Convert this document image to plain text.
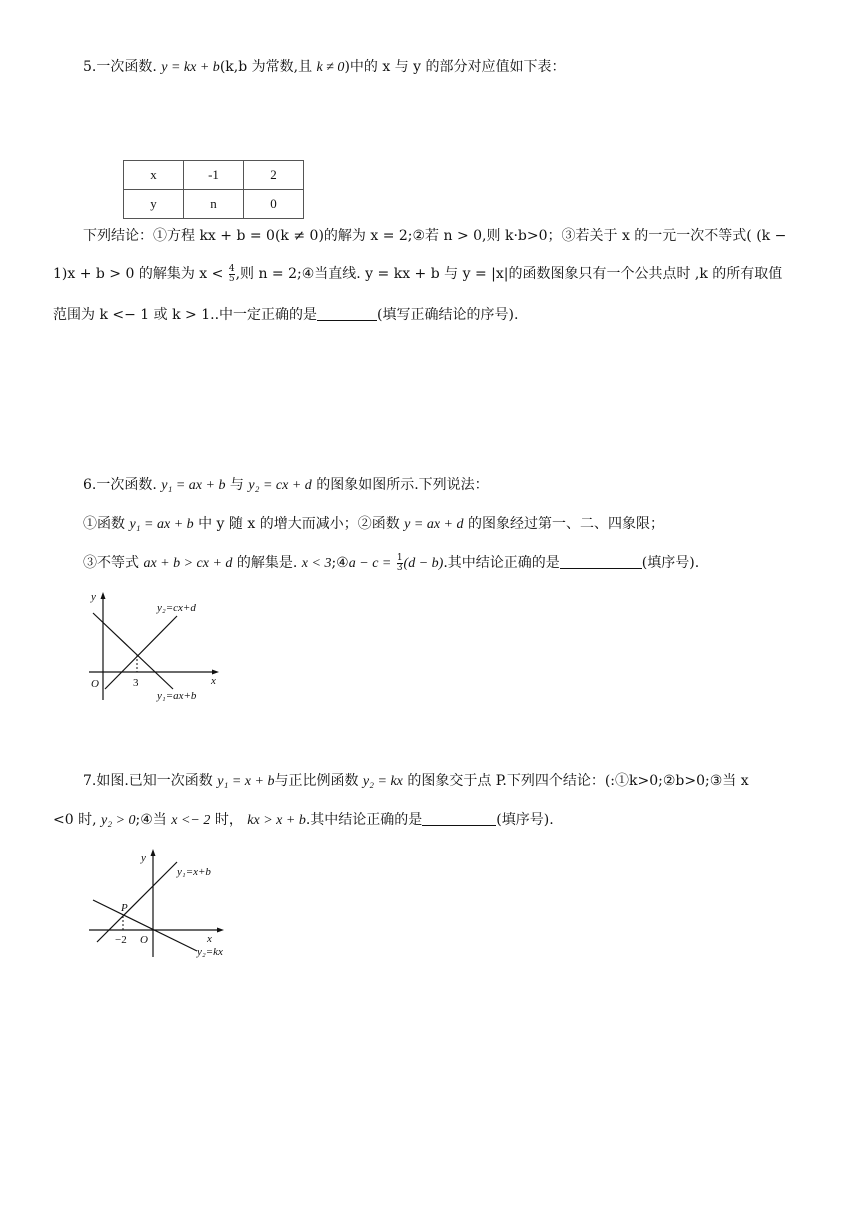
5.一次函数. y = kx + b(k,b 为常数,且 k ≠ 0)中的 x 与 y 的部分对应值如下表：
x	-1	2
y	n	0
下列结论：①方程 kx + b = 0(k ≠ 0)的解为 x = 2;②若 n > 0,则 k·b>0；③若关于 x 的一元一次不等式( (k −
1)x + b > 0 的解集为 $x < \frac{4}{5}$ ,则 n = 2;④当直线. y = kx + b 与 y = |x|的函数图象只有一个公共点时 ,k 的所有取值
范围为 k <− 1 或 k > 1..中一定正确的是	(填写正确结论的序号).
6.一次函数. y₁ = ax + b 与 y₂ = cx + d 的图象如图所示.下列说法：
①函数 y₁ = ax + b 中 y 随 x 的增大而减小；②函数 y = ax + d 的图象经过第一、二、四象限；
③不等式 ax + b > cx + d 的解集是. x < 3;④a − $c = \frac{1}{3} (d - b)$.其中结论正确的是	(填序号).
y
x
O	3
y₂=cx+d
y₁=ax+b
7.如图.已知一次函数 y₁ = x + b与正比例函数 y₂ = kx 的图象交于点 P.下列四个结论：(:①k>0;②b>0;③当 x
<0 时, y₂ > 0;④当 x <− 2 时， kx > x + b.其中结论正确的是	(填序号).
y
x
O
−2
P
y₁=x+b
y₂=kx
